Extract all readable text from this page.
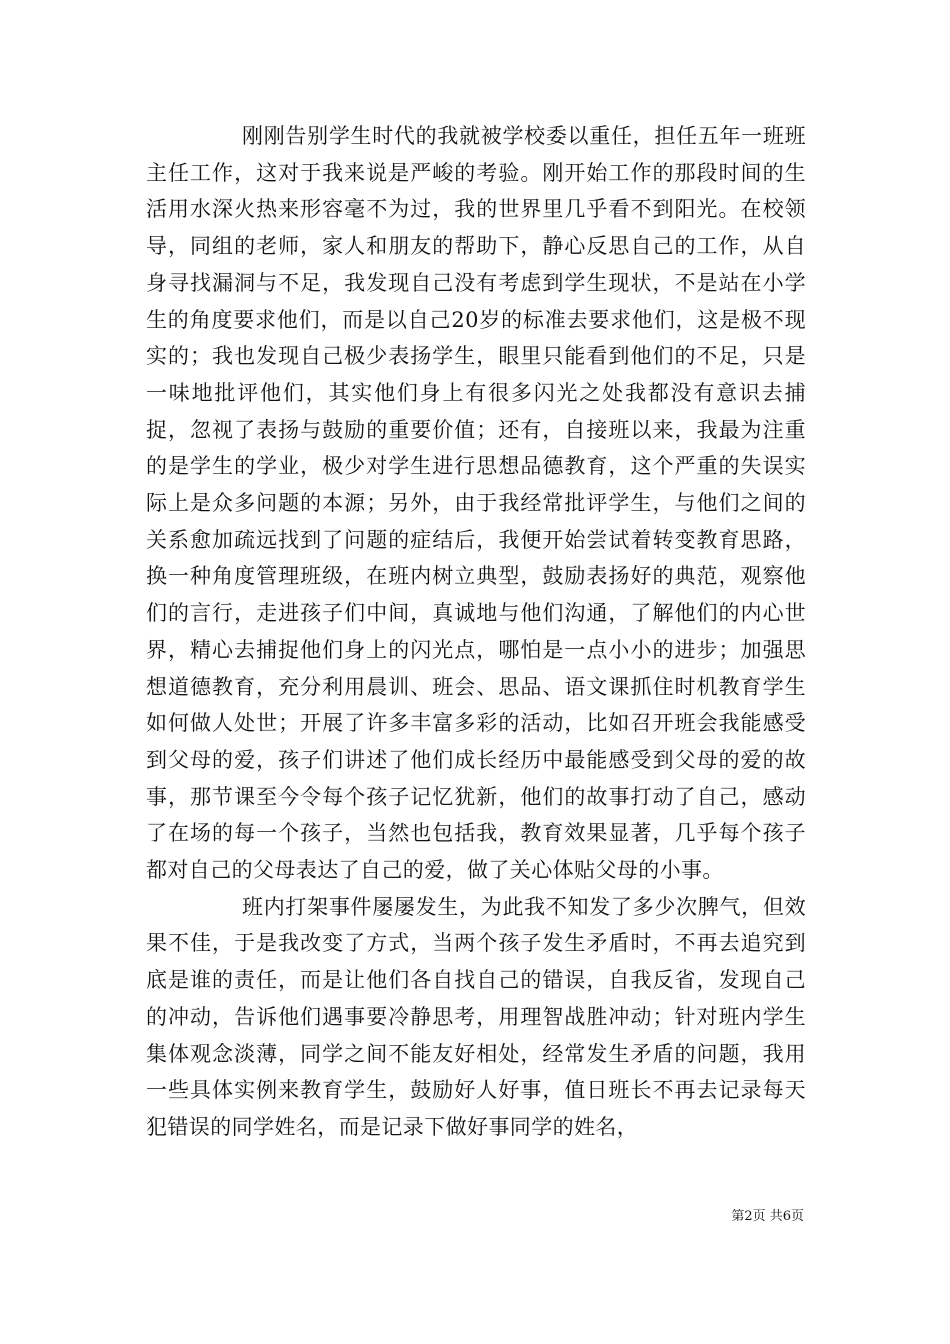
刚刚告别学生时代的我就被学校委以重任，担任五年一班班主任工作，这对于我来说是严峻的考验。刚开始工作的那段时间的生活用水深火热来形容毫不为过，我的世界里几乎看不到阳光。在校领导，同组的老师，家人和朋友的帮助下，静心反思自己的工作，从自身寻找漏洞与不足，我发现自己没有考虑到学生现状，不是站在小学生的角度要求他们，而是以自己20岁的标准去要求他们，这是极不现实的；我也发现自己极少表扬学生，眼里只能看到他们的不足，只是一味地批评他们，其实他们身上有很多闪光之处我都没有意识去捕捉，忽视了表扬与鼓励的重要价值；还有，自接班以来，我最为注重的是学生的学业，极少对学生进行思想品德教育，这个严重的失误实际上是众多问题的本源；另外，由于我经常批评学生，与他们之间的关系愈加疏远找到了问题的症结后，我便开始尝试着转变教育思路，换一种角度管理班级，在班内树立典型，鼓励表扬好的典范，观察他们的言行，走进孩子们中间，真诚地与他们沟通，了解他们的内心世界，精心去捕捉他们身上的闪光点，哪怕是一点小小的进步；加强思想道德教育，充分利用晨训、班会、思品、语文课抓住时机教育学生如何做人处世；开展了许多丰富多彩的活动，比如召开班会我能感受到父母的爱，孩子们讲述了他们成长经历中最能感受到父母的爱的故事，那节课至今令每个孩子记忆犹新，他们的故事打动了自己，感动了在场的每一个孩子，当然也包括我，教育效果显著，几乎每个孩子都对自己的父母表达了自己的爱，做了关心体贴父母的小事。

班内打架事件屡屡发生，为此我不知发了多少次脾气，但效果不佳，于是我改变了方式，当两个孩子发生矛盾时，不再去追究到底是谁的责任，而是让他们各自找自己的错误，自我反省，发现自己的冲动，告诉他们遇事要冷静思考，用理智战胜冲动；针对班内学生集体观念淡薄，同学之间不能友好相处，经常发生矛盾的问题，我用一些具体实例来教育学生，鼓励好人好事，值日班长不再去记录每天犯错误的同学姓名，而是记录下做好事同学的姓名，

第2页 共6页
